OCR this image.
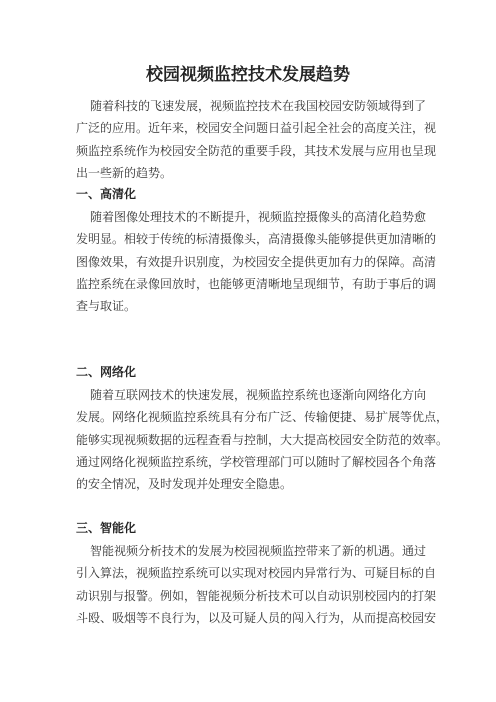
校园视频监控技术发展趋势
随着科技的飞速发展，视频监控技术在我国校园安防领域得到了
广泛的应用。近年来，校园安全问题日益引起全社会的高度关注，视
频监控系统作为校园安全防范的重要手段，其技术发展与应用也呈现
出一些新的趋势。
一、高清化
随着图像处理技术的不断提升，视频监控摄像头的高清化趋势愈
发明显。相较于传统的标清摄像头，高清摄像头能够提供更加清晰的
图像效果，有效提升识别度，为校园安全提供更加有力的保障。高清
监控系统在录像回放时，也能够更清晰地呈现细节，有助于事后的调
查与取证。
二、网络化
随着互联网技术的快速发展，视频监控系统也逐渐向网络化方向
发展。网络化视频监控系统具有分布广泛、传输便捷、易扩展等优点，
能够实现视频数据的远程查看与控制，大大提高校园安全防范的效率。
通过网络化视频监控系统，学校管理部门可以随时了解校园各个角落
的安全情况，及时发现并处理安全隐患。
三、智能化
智能视频分析技术的发展为校园视频监控带来了新的机遇。通过
引入算法，视频监控系统可以实现对校园内异常行为、可疑目标的自
动识别与报警。例如，智能视频分析技术可以自动识别校园内的打架
斗殴、吸烟等不良行为，以及可疑人员的闯入行为，从而提高校园安
